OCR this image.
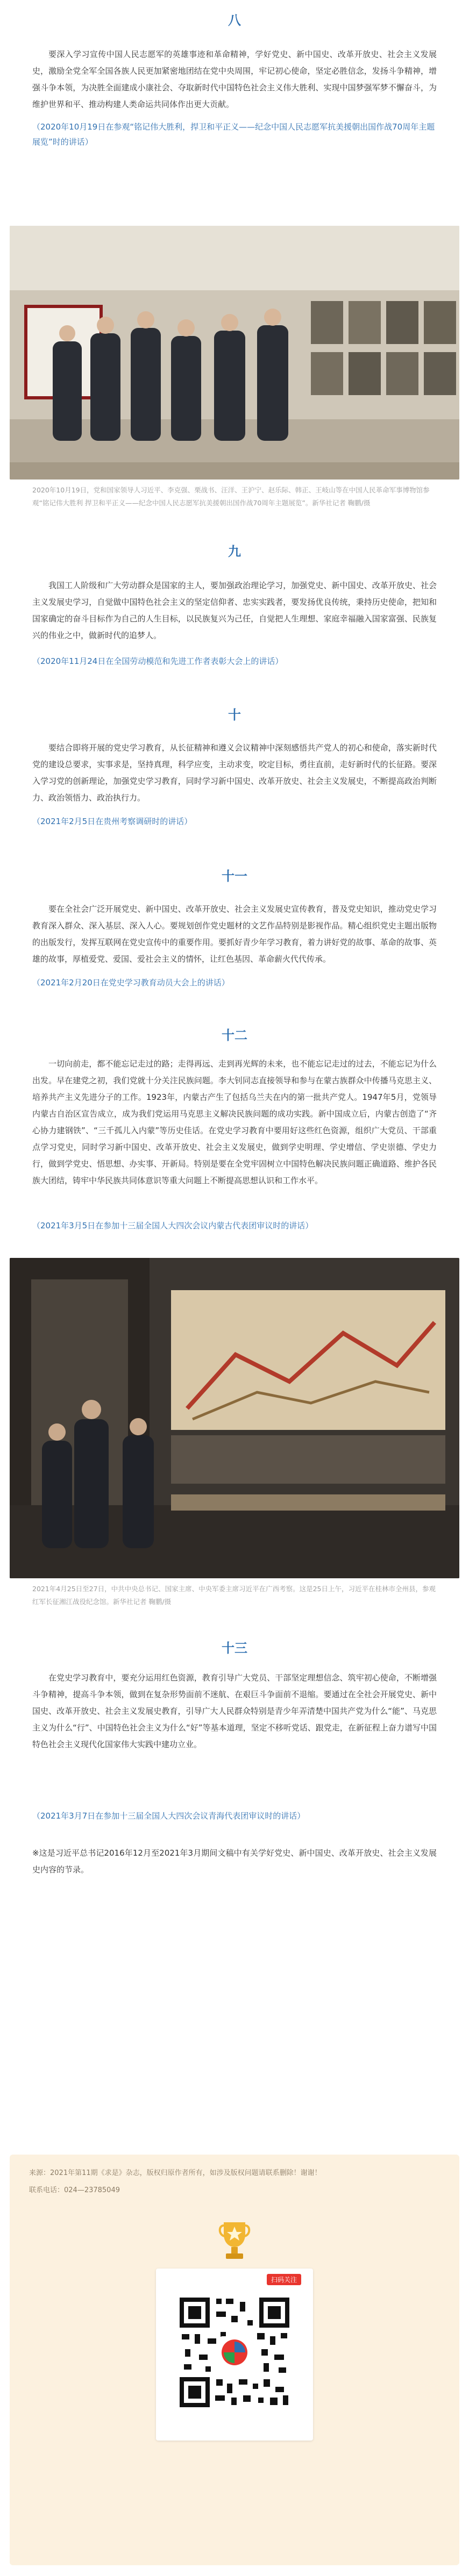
八

要深入学习宣传中国人民志愿军的英雄事迹和革命精神，学好党史、新中国史、改革开放史、社会主义发展史，激励全党全军全国各族人民更加紧密地团结在党中央周围，牢记初心使命，坚定必胜信念，发扬斗争精神，增强斗争本领，为决胜全面建成小康社会、夺取新时代中国特色社会主义伟大胜利、实现中国梦强军梦不懈奋斗，为维护世界和平、推动构建人类命运共同体作出更大贡献。

（2020年10月19日在参观“铭记伟大胜利，捍卫和平正义——纪念中国人民志愿军抗美援朝出国作战70周年主题展览”时的讲话）

2020年10月19日，党和国家领导人习近平、李克强、栗战书、汪洋、王沪宁、赵乐际、韩正、王岐山等在中国人民革命军事博物馆参观“铭记伟大胜利 捍卫和平正义——纪念中国人民志愿军抗美援朝出国作战70周年主题展览”。新华社记者 鞠鹏/摄

九

我国工人阶级和广大劳动群众是国家的主人，要加强政治理论学习，加强党史、新中国史、改革开放史、社会主义发展史学习，自觉做中国特色社会主义的坚定信仰者、忠实实践者，要发扬优良传统，秉持历史使命，把知和国家确定的奋斗目标作为自己的人生目标，以民族复兴为己任，自觉把人生理想、家庭幸福融入国家富强、民族复兴的伟业之中，做新时代的追梦人。

（2020年11月24日在全国劳动模范和先进工作者表彰大会上的讲话）

十

要结合即将开展的党史学习教育，从长征精神和遵义会议精神中深刻感悟共产党人的初心和使命，落实新时代党的建设总要求，实事求是，坚持真理，科学应变，主动求变，咬定目标，勇往直前，走好新时代的长征路。要深入学习党的创新理论，加强党史学习教育，同时学习新中国史、改革开放史、社会主义发展史，不断提高政治判断力、政治领悟力、政治执行力。

（2021年2月5日在贵州考察调研时的讲话）

十一

要在全社会广泛开展党史、新中国史、改革开放史、社会主义发展史宣传教育，普及党史知识，推动党史学习教育深入群众、深入基层、深入人心。要规划创作党史题材的文艺作品特别是影视作品。精心组织党史主题出版物的出版发行，发挥互联网在党史宣传中的重要作用。要抓好青少年学习教育，着力讲好党的故事、革命的故事、英雄的故事，厚植爱党、爱国、爱社会主义的情怀，让红色基因、革命薪火代代传承。

（2021年2月20日在党史学习教育动员大会上的讲话）

十二

一切向前走，都不能忘记走过的路；走得再远、走到再光辉的未来，也不能忘记走过的过去，不能忘记为什么出发。早在建党之初，我们党就十分关注民族问题。李大钊同志直接领导和参与在蒙古族群众中传播马克思主义、培养共产主义先进分子的工作。1923年，内蒙古产生了包括乌兰夫在内的第一批共产党人。1947年5月，党领导内蒙古自治区宣告成立，成为我们党运用马克思主义解决民族问题的成功实践。新中国成立后，内蒙古创造了“齐心协力建钢铁”、“三千孤儿入内蒙”等历史佳话。在党史学习教育中要用好这些红色资源，组织广大党员、干部重点学习党史，同时学习新中国史、改革开放史、社会主义发展史，做到学史明理、学史增信、学史崇德、学史力行，做到学党史、悟思想、办实事、开新局。特别是要在全党牢固树立中国特色解决民族问题正确道路、维护各民族大团结，铸牢中华民族共同体意识等重大问题上不断提高思想认识和工作水平。

（2021年3月5日在参加十三届全国人大四次会议内蒙古代表团审议时的讲话）

2021年4月25日至27日，中共中央总书记、国家主席、中央军委主席习近平在广西考察。这是25日上午，习近平在桂林市全州县，参观红军长征湘江战役纪念馆。新华社记者 鞠鹏/摄

十三

在党史学习教育中，要充分运用红色资源，教育引导广大党员、干部坚定理想信念、筑牢初心使命，不断增强斗争精神，提高斗争本领，做到在复杂形势面前不迷航、在艰巨斗争面前不退缩。要通过在全社会开展党史、新中国史、改革开放史、社会主义发展史教育，引导广大人民群众特别是青少年弄清楚中国共产党为什么“能”、马克思主义为什么“行”、中国特色社会主义为什么“好”等基本道理，坚定不移听党话、跟党走，在新征程上奋力谱写中国特色社会主义现代化国家伟大实践中建功立业。

（2021年3月7日在参加十三届全国人大四次会议青海代表团审议时的讲话）

※这是习近平总书记2016年12月至2021年3月期间文稿中有关学好党史、新中国史、改革开放史、社会主义发展史内容的节录。

来源：2021年第11期《求是》杂志，版权归原作者所有，如涉及版权问题请联系删除！谢谢！

联系电话：024—23785049

扫码关注
